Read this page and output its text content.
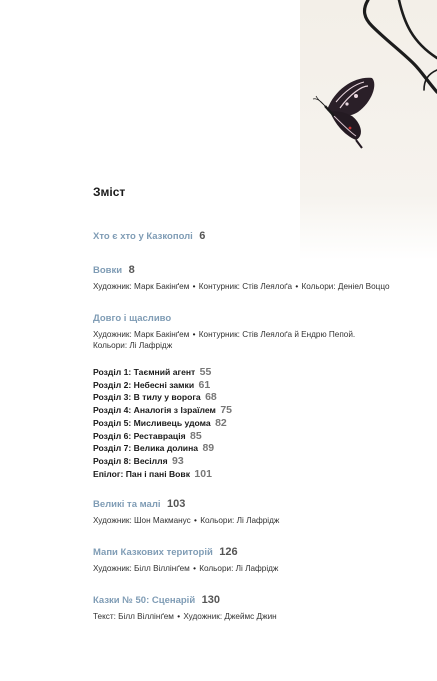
Зміст
Хто є хто у Казкополі 6
Вовки 8
Художник: Марк Бакінґем • Контурник: Стів Леялоґа • Кольори: Деніел Воццо
Довго і щасливо
Художник: Марк Бакінґем • Контурник: Стів Леялоґа й Ендрю Пепой.
Кольори: Лі Лафрідж
Розділ 1: Таємний агент 55
Розділ 2: Небесні замки 61
Розділ 3: В тилу у ворога 68
Розділ 4: Аналогія з Ізраїлем 75
Розділ 5: Мисливець удома 82
Розділ 6: Реставрація 85
Розділ 7: Велика долина 89
Розділ 8: Весілля 93
Епілог: Пан і пані Вовк 101
Великі та малі 103
Художник: Шон Макманус • Кольори: Лі Лафрідж
Мапи Казкових територій 126
Художник: Білл Віллінґем • Кольори: Лі Лафрідж
Казки № 50: Сценарій 130
Текст: Білл Віллінґем • Художник: Джеймс Джин
